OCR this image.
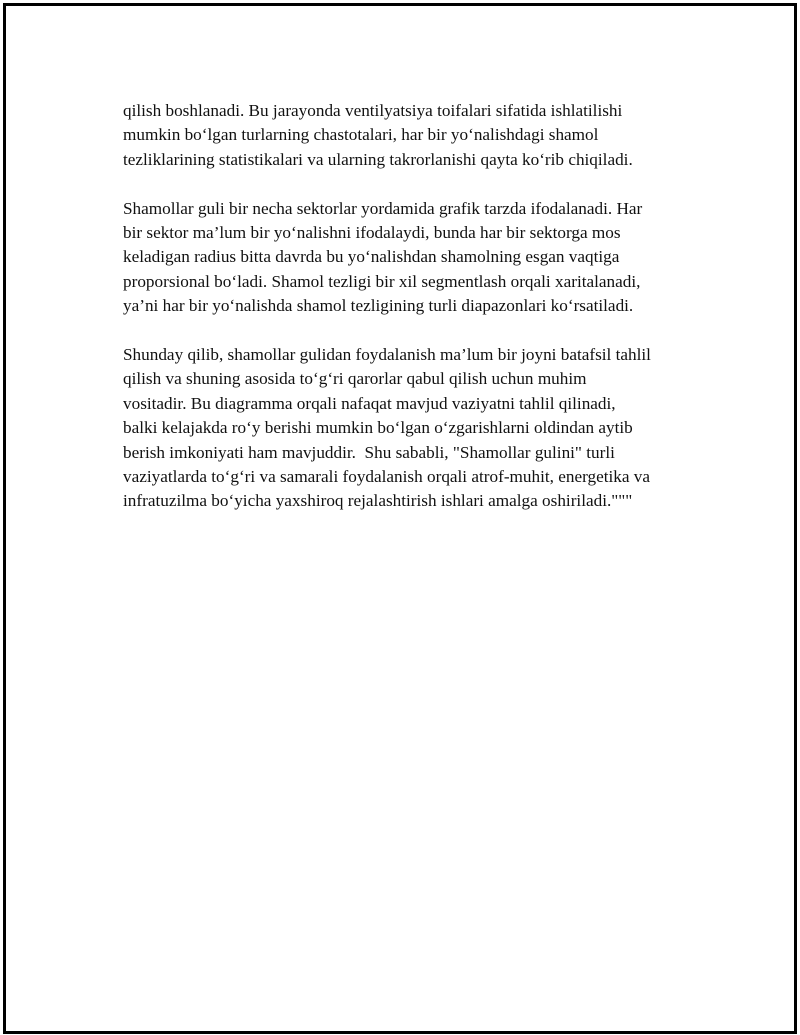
qilish boshlanadi. Bu jarayonda ventilyatsiya toifalari sifatida ishlatilishi
mumkin bo‘lgan turlarning chastotalari, har bir yo‘nalishdagi shamol
tezliklarining statistikalari va ularning takrorlanishi qayta ko‘rib chiqiladi.

Shamollar guli bir necha sektorlar yordamida grafik tarzda ifodalanadi. Har
bir sektor ma’lum bir yo‘nalishni ifodalaydi, bunda har bir sektorga mos
keladigan radius bitta davrda bu yo‘nalishdan shamolning esgan vaqtiga
proporsional bo‘ladi. Shamol tezligi bir xil segmentlash orqali xaritalanadi,
ya’ni har bir yo‘nalishda shamol tezligining turli diapazonlari ko‘rsatiladi.

Shunday qilib, shamollar gulidan foydalanish ma’lum bir joyni batafsil tahlil
qilish va shuning asosida to‘g‘ri qarorlar qabul qilish uchun muhim
vositadir. Bu diagramma orqali nafaqat mavjud vaziyatni tahlil qilinadi,
balki kelajakda ro‘y berishi mumkin bo‘lgan o‘zgarishlarni oldindan aytib
berish imkoniyati ham mavjuddir.  Shu sababli, "Shamollar gulini" turli
vaziyatlarda to‘g‘ri va samarali foydalanish orqali atrof-muhit, energetika va
infratuzilma bo‘yicha yaxshiroq rejalashtirish ishlari amalga oshiriladi."""
